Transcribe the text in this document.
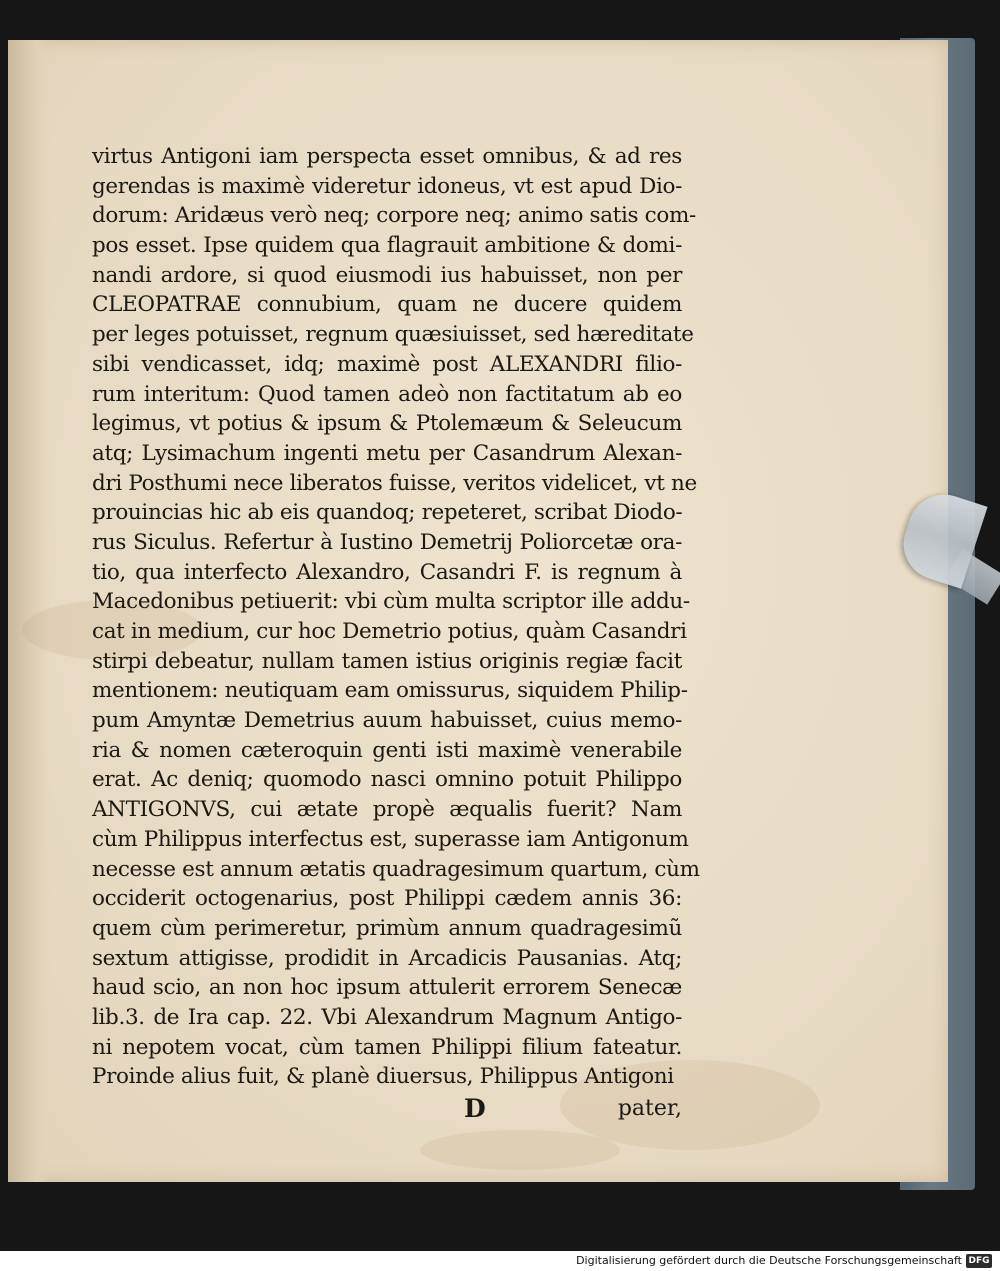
virtus Antigoni iam perspecta esset omnibus, & ad res
gerendas is maximè videretur idoneus, vt est apud Dio-
dorum: Aridæus verò neq; corpore neq; animo satis com-
pos esset. Ipse quidem qua flagrauit ambitione & domi-
nandi ardore, si quod eiusmodi ius habuisset, non per
CLEOPATRAE connubium, quam ne ducere quidem
per leges potuisset, regnum quæsiuisset, sed hæreditate
sibi vendicasset, idq; maximè post ALEXANDRI filio-
rum interitum: Quod tamen adeò non factitatum ab eo
legimus, vt potius & ipsum & Ptolemæum & Seleucum
atq; Lysimachum ingenti metu per Casandrum Alexan-
dri Posthumi nece liberatos fuisse, veritos videlicet, vt ne
prouincias hic ab eis quandoq; repeteret, scribat Diodo-
rus Siculus. Refertur à Iustino Demetrij Poliorcetæ ora-
tio, qua interfecto Alexandro, Casandri F. is regnum à
Macedonibus petiuerit: vbi cùm multa scriptor ille addu-
cat in medium, cur hoc Demetrio potius, quàm Casandri
stirpi debeatur, nullam tamen istius originis regiæ facit
mentionem: neutiquam eam omissurus, siquidem Philip-
pum Amyntæ Demetrius auum habuisset, cuius memo-
ria & nomen cæteroquin genti isti maximè venerabile
erat. Ac deniq; quomodo nasci omnino potuit Philippo
ANTIGONVS, cui ætate propè æqualis fuerit? Nam
cùm Philippus interfectus est, superasse iam Antigonum
necesse est annum ætatis quadragesimum quartum, cùm
occiderit octogenarius, post Philippi cædem annis 36:
quem cùm perimeretur, primùm annum quadragesimũ
sextum attigisse, prodidit in Arcadicis Pausanias. Atq;
haud scio, an non hoc ipsum attulerit errorem Senecæ
lib.3. de Ira cap. 22. Vbi Alexandrum Magnum Antigo-
ni nepotem vocat, cùm tamen Philippi filium fateatur.
Proinde alius fuit, & planè diuersus, Philippus Antigoni
D	pater,
Digitalisierung gefördert durch die Deutsche Forschungsgemeinschaft DFG
